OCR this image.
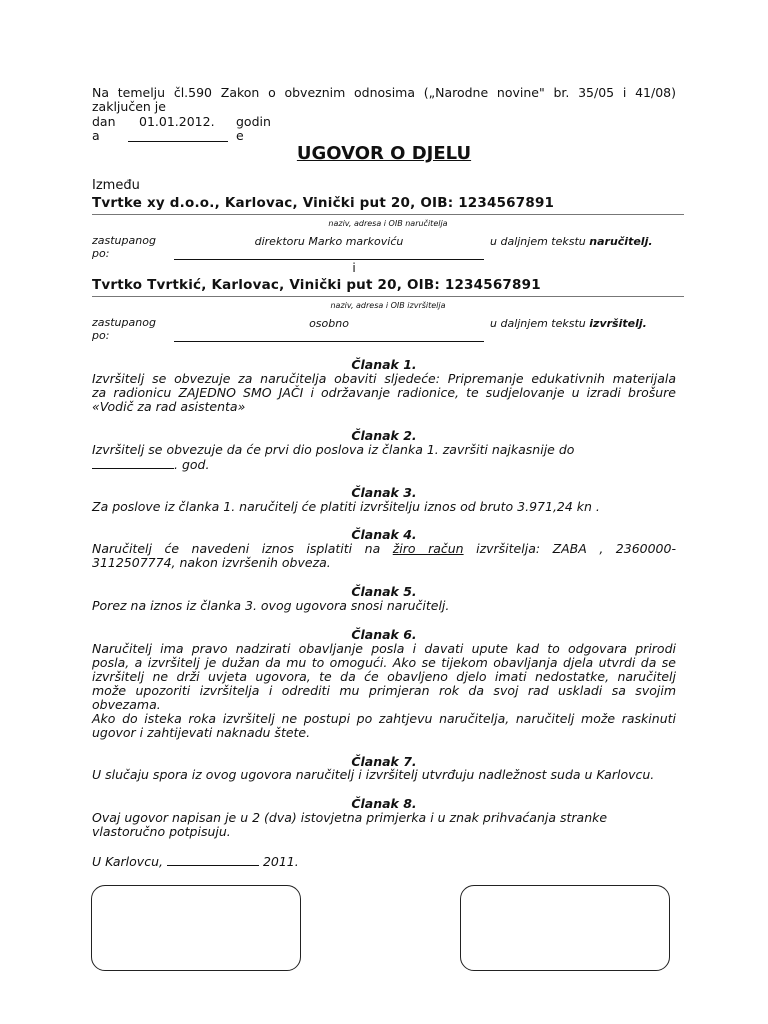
Na temelju čl.590 Zakon o obveznim odnosima („Narodne novine" br. 35/05 i 41/08)
zaključen je
dan 01.01.2012. godin
a	e
UGOVOR O DJELU
Između
Tvrtke xy d.o.o., Karlovac, Vinički put 20, OIB: 1234567891
naziv, adresa i OIB naručitelja
zastupanog po:
direktoru Marko markoviću	u daljnjem tekstu naručitelj.
i
Tvrtko Tvrtkić, Karlovac, Vinički put 20, OIB: 1234567891
naziv, adresa i OIB izvršitelja
zastupanog po:
osobno	u daljnjem tekstu izvršitelj.
Članak 1.
Izvršitelj se obvezuje za naručitelja obaviti sljedeće: Pripremanje edukativnih materijala
za radionicu ZAJEDNO SMO JAČI i održavanje radionice, te sudjelovanje u izradi brošure
«Vodič za rad asistenta»
Članak 2.
Izvršitelj se obvezuje da će prvi dio poslova iz članka 1. završiti najkasnije do
. god.
Članak 3.
Za poslove iz članka 1. naručitelj će platiti izvršitelju iznos od bruto 3.971,24 kn .
Članak 4.
Naručitelj će navedeni iznos isplatiti na žiro račun izvršitelja: ZABA , 2360000-
3112507774, nakon izvršenih obveza.
Članak 5.
Porez na iznos iz članka 3. ovog ugovora snosi naručitelj.
Članak 6.
Naručitelj ima pravo nadzirati obavljanje posla i davati upute kad to odgovara prirodi
posla, a izvršitelj je dužan da mu to omogući. Ako se tijekom obavljanja djela utvrdi da se
izvršitelj ne drži uvjeta ugovora, te da će obavljeno djelo imati nedostatke, naručitelj
može upozoriti izvršitelja i odrediti mu primjeran rok da svoj rad uskladi sa svojim
obvezama.
Ako do isteka roka izvršitelj ne postupi po zahtjevu naručitelja, naručitelj može raskinuti
ugovor i zahtijevati naknadu štete.
Članak 7.
U slučaju spora iz ovog ugovora naručitelj i izvršitelj utvrđuju nadležnost suda u Karlovcu.
Članak 8.
Ovaj ugovor napisan je u 2 (dva) istovjetna primjerka i u znak prihvaćanja stranke
vlastoručno potpisuju.
U Karlovcu,	2011.
